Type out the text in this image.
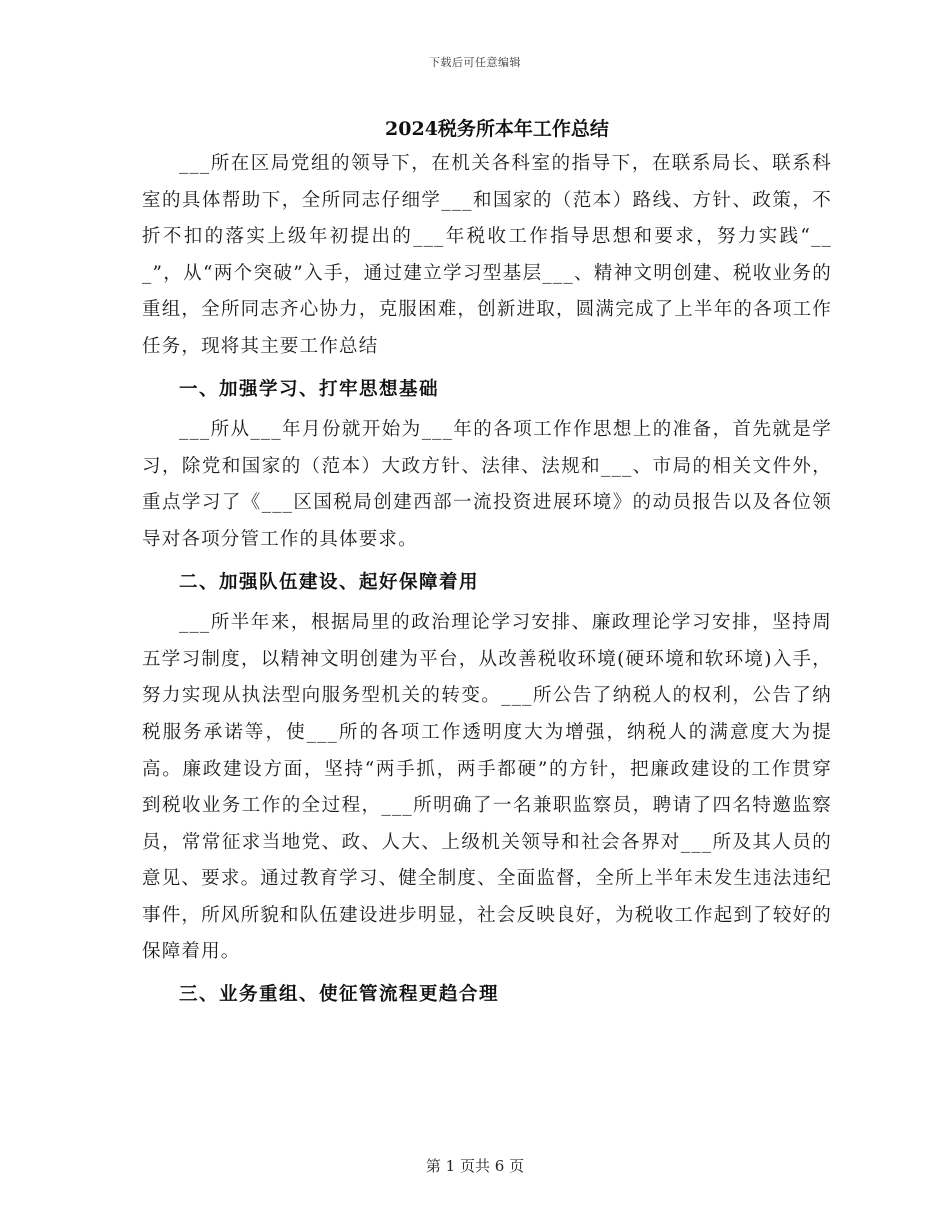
下载后可任意编辑
2024税务所本年工作总结

___所在区局党组的领导下，在机关各科室的指导下，在联系局长、联系科室的具体帮助下，全所同志仔细学___和国家的（范本）路线、方针、政策，不折不扣的落实上级年初提出的___年税收工作指导思想和要求，努力实践“___”，从“两个突破”入手，通过建立学习型基层___、精神文明创建、税收业务的重组，全所同志齐心协力，克服困难，创新进取，圆满完成了上半年的各项工作任务，现将其主要工作总结

一、加强学习、打牢思想基础

___所从___年月份就开始为___年的各项工作作思想上的准备，首先就是学习，除党和国家的（范本）大政方针、法律、法规和___、市局的相关文件外，重点学习了《___区国税局创建西部一流投资进展环境》的动员报告以及各位领导对各项分管工作的具体要求。

二、加强队伍建设、起好保障着用

___所半年来，根据局里的政治理论学习安排、廉政理论学习安排，坚持周五学习制度，以精神文明创建为平台，从改善税收环境(硬环境和软环境)入手，努力实现从执法型向服务型机关的转变。___所公告了纳税人的权利，公告了纳税服务承诺等，使___所的各项工作透明度大为增强，纳税人的满意度大为提高。廉政建设方面，坚持“两手抓，两手都硬”的方针，把廉政建设的工作贯穿到税收业务工作的全过程，___所明确了一名兼职监察员，聘请了四名特邀监察员，常常征求当地党、政、人大、上级机关领导和社会各界对___所及其人员的意见、要求。通过教育学习、健全制度、全面监督，全所上半年未发生违法违纪事件，所风所貌和队伍建设进步明显，社会反映良好，为税收工作起到了较好的保障着用。

三、业务重组、使征管流程更趋合理
第 1 页共 6 页
